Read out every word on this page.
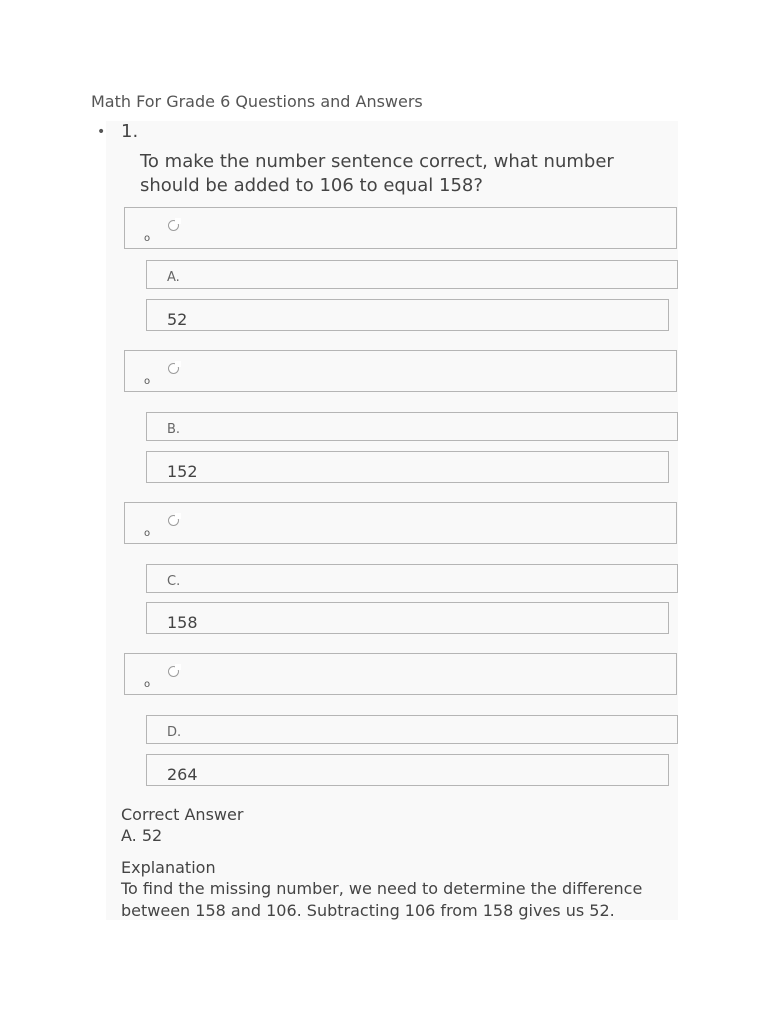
Math For Grade 6 Questions and Answers
• 1.
To make the number sentence correct, what number should be added to 106 to equal 158?
o
A.
52
o
B.
152
o
C.
158
o
D.
264
Correct Answer
A. 52
Explanation
To find the missing number, we need to determine the difference between 158 and 106. Subtracting 106 from 158 gives us 52.
